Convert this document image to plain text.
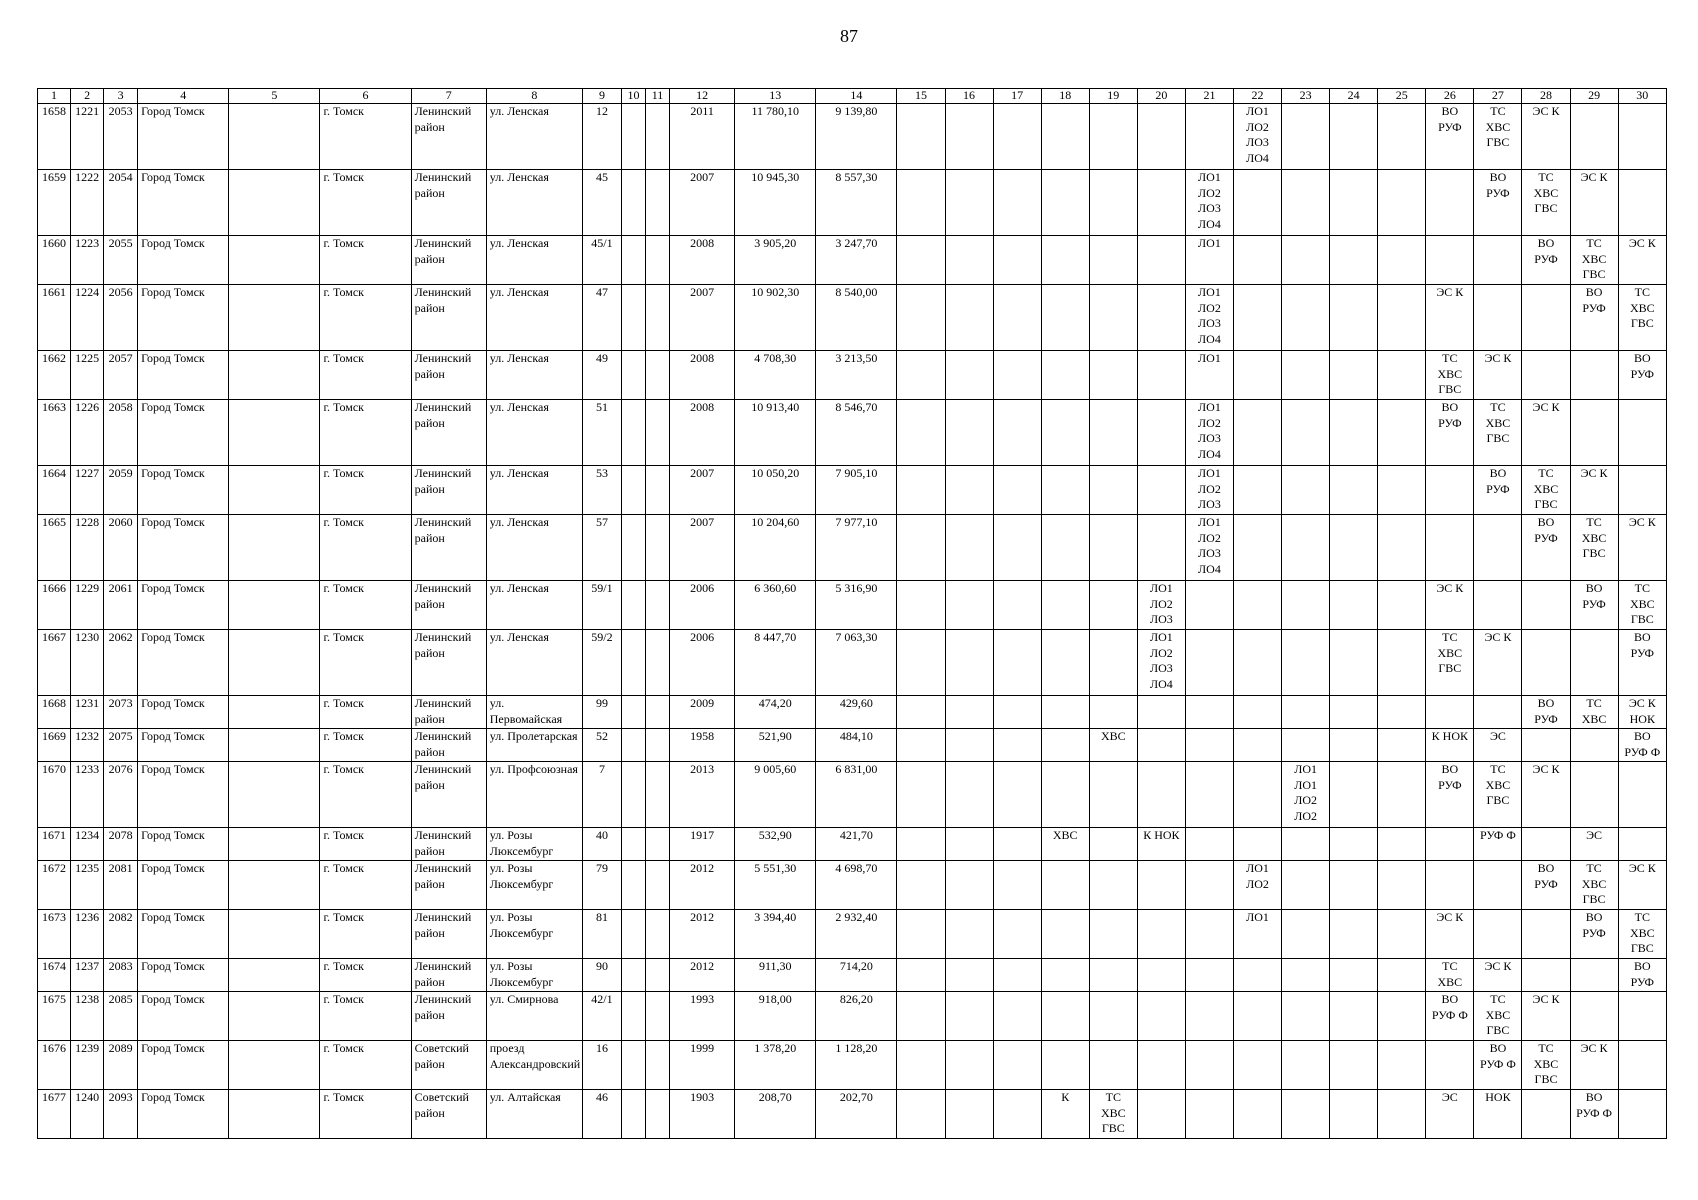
87
1	2	3	4	5	6	7	8	9	10	11	12	13	14	15	16	17	18	19	20	21	22	23	24	25	26	27	28	29	30
1658	1221	2053	Город Томск		г. Томск	Ленинский район	ул. Ленская	12			2011	11 780,10	9 139,80								ЛО1
ЛО2
ЛО3
ЛО4				ВО
РУФ	ТС
ХВС
ГВС	ЭС К		
1659	1222	2054	Город Томск		г. Томск	Ленинский район	ул. Ленская	45			2007	10 945,30	8 557,30							ЛО1
ЛО2
ЛО3
ЛО4						ВО
РУФ	ТС
ХВС
ГВС	ЭС К	
1660	1223	2055	Город Томск		г. Томск	Ленинский район	ул. Ленская	45/1			2008	3 905,20	3 247,70							ЛО1							ВО
РУФ	ТС
ХВС
ГВС	ЭС К
1661	1224	2056	Город Томск		г. Томск	Ленинский район	ул. Ленская	47			2007	10 902,30	8 540,00							ЛО1
ЛО2
ЛО3
ЛО4					ЭС К			ВО
РУФ	ТС
ХВС
ГВС
1662	1225	2057	Город Томск		г. Томск	Ленинский район	ул. Ленская	49			2008	4 708,30	3 213,50							ЛО1					ТС
ХВС
ГВС	ЭС К			ВО
РУФ
1663	1226	2058	Город Томск		г. Томск	Ленинский район	ул. Ленская	51			2008	10 913,40	8 546,70							ЛО1
ЛО2
ЛО3
ЛО4					ВО
РУФ	ТС
ХВС
ГВС	ЭС К		
1664	1227	2059	Город Томск		г. Томск	Ленинский район	ул. Ленская	53			2007	10 050,20	7 905,10							ЛО1
ЛО2
ЛО3						ВО
РУФ	ТС
ХВС
ГВС	ЭС К	
1665	1228	2060	Город Томск		г. Томск	Ленинский район	ул. Ленская	57			2007	10 204,60	7 977,10							ЛО1
ЛО2
ЛО3
ЛО4							ВО
РУФ	ТС
ХВС
ГВС	ЭС К
1666	1229	2061	Город Томск		г. Томск	Ленинский район	ул. Ленская	59/1			2006	6 360,60	5 316,90						ЛО1
ЛО2
ЛО3						ЭС К			ВО
РУФ	ТС
ХВС
ГВС
1667	1230	2062	Город Томск		г. Томск	Ленинский район	ул. Ленская	59/2			2006	8 447,70	7 063,30						ЛО1
ЛО2
ЛО3
ЛО4						ТС
ХВС
ГВС	ЭС К			ВО
РУФ
1668	1231	2073	Город Томск		г. Томск	Ленинский район	ул. Первомайская	99			2009	474,20	429,60														ВО
РУФ	ТС
ХВС	ЭС К
НОК
1669	1232	2075	Город Томск		г. Томск	Ленинский район	ул. Пролетарская	52			1958	521,90	484,10					ХВС							К НОК	ЭС			ВО
РУФ Ф
1670	1233	2076	Город Томск		г. Томск	Ленинский район	ул. Профсоюзная	7			2013	9 005,60	6 831,00									ЛО1
ЛО1
ЛО2
ЛО2			ВО
РУФ	ТС
ХВС
ГВС	ЭС К		
1671	1234	2078	Город Томск		г. Томск	Ленинский район	ул. Розы Люксембург	40			1917	532,90	421,70				ХВС		К НОК							РУФ Ф		ЭС	
1672	1235	2081	Город Томск		г. Томск	Ленинский район	ул. Розы Люксембург	79			2012	5 551,30	4 698,70								ЛО1
ЛО2						ВО
РУФ	ТС
ХВС
ГВС	ЭС К
1673	1236	2082	Город Томск		г. Томск	Ленинский район	ул. Розы Люксембург	81			2012	3 394,40	2 932,40								ЛО1				ЭС К			ВО
РУФ	ТС
ХВС
ГВС
1674	1237	2083	Город Томск		г. Томск	Ленинский район	ул. Розы Люксембург	90			2012	911,30	714,20												ТС
ХВС	ЭС К			ВО
РУФ
1675	1238	2085	Город Томск		г. Томск	Ленинский район	ул. Смирнова	42/1			1993	918,00	826,20												ВО
РУФ Ф	ТС
ХВС
ГВС	ЭС К		
1676	1239	2089	Город Томск		г. Томск	Советский район	проезд Александровский	16			1999	1 378,20	1 128,20													ВО
РУФ Ф	ТС
ХВС
ГВС	ЭС К	
1677	1240	2093	Город Томск		г. Томск	Советский район	ул. Алтайская	46			1903	208,70	202,70				К	ТС
ХВС
ГВС							ЭС	НОК		ВО
РУФ Ф	
